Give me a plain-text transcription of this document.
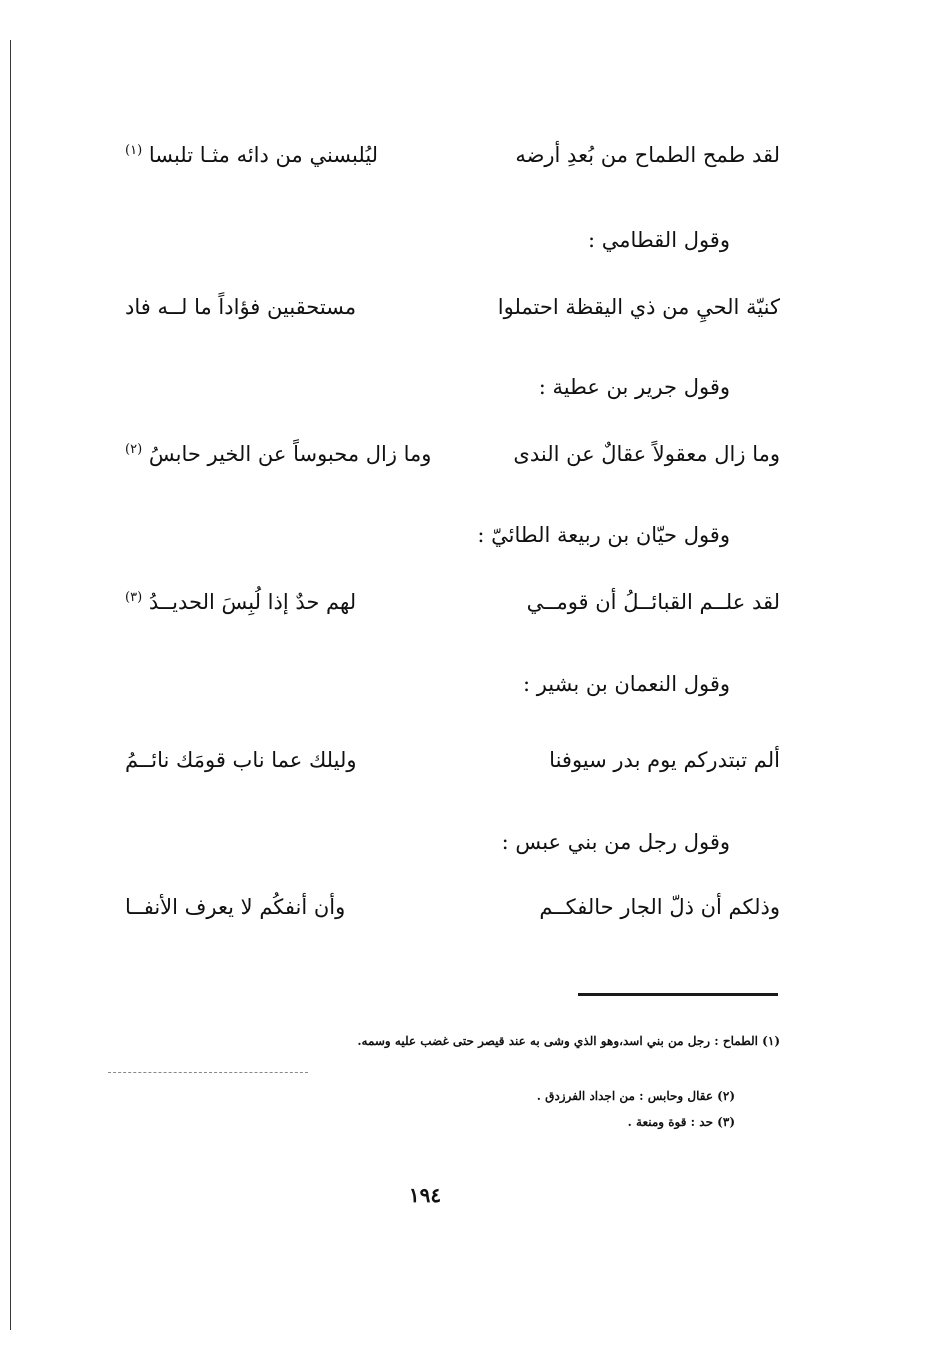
لقد طمح الطماح من بُعدِ أرضه
ليُلبسني من دائه مثـا تلبسا $^{(١)}$
وقول القطامي :
كنيّة الحيِ من ذي اليقظة احتملوا
مستحقبين فؤاداً ما لــه فاد
وقول جرير بن عطية :
وما زال معقولاً عقالٌ عن الندى
وما زال محبوساً عن الخير حابسُ $^{(٢)}$
وقول حيّان بن ربيعة الطائيّ :
لقد علــم القبائــلُ أن قومــي
لهم حدٌ إذا لُبِسَ الحديــدُ $^{(٣)}$
وقول النعمان بن بشير :
ألم تبتدركم يوم بدر سيوفنا
وليلك عما ناب قومَك نائــمُ
وقول رجل من بني عبس :
وذلكم أن ذلّ الجار حالفكــم
وأن أنفكُم لا يعرف الأنفــا
(١) الطماح : رجل من بني اسد،وهو الذي وشى به عند قيصر حتى غضب عليه وسمه.
(٢) عقال وحابس : من اجداد الفرزدق .
(٣) حد : قوة ومنعة .
١٩٤
